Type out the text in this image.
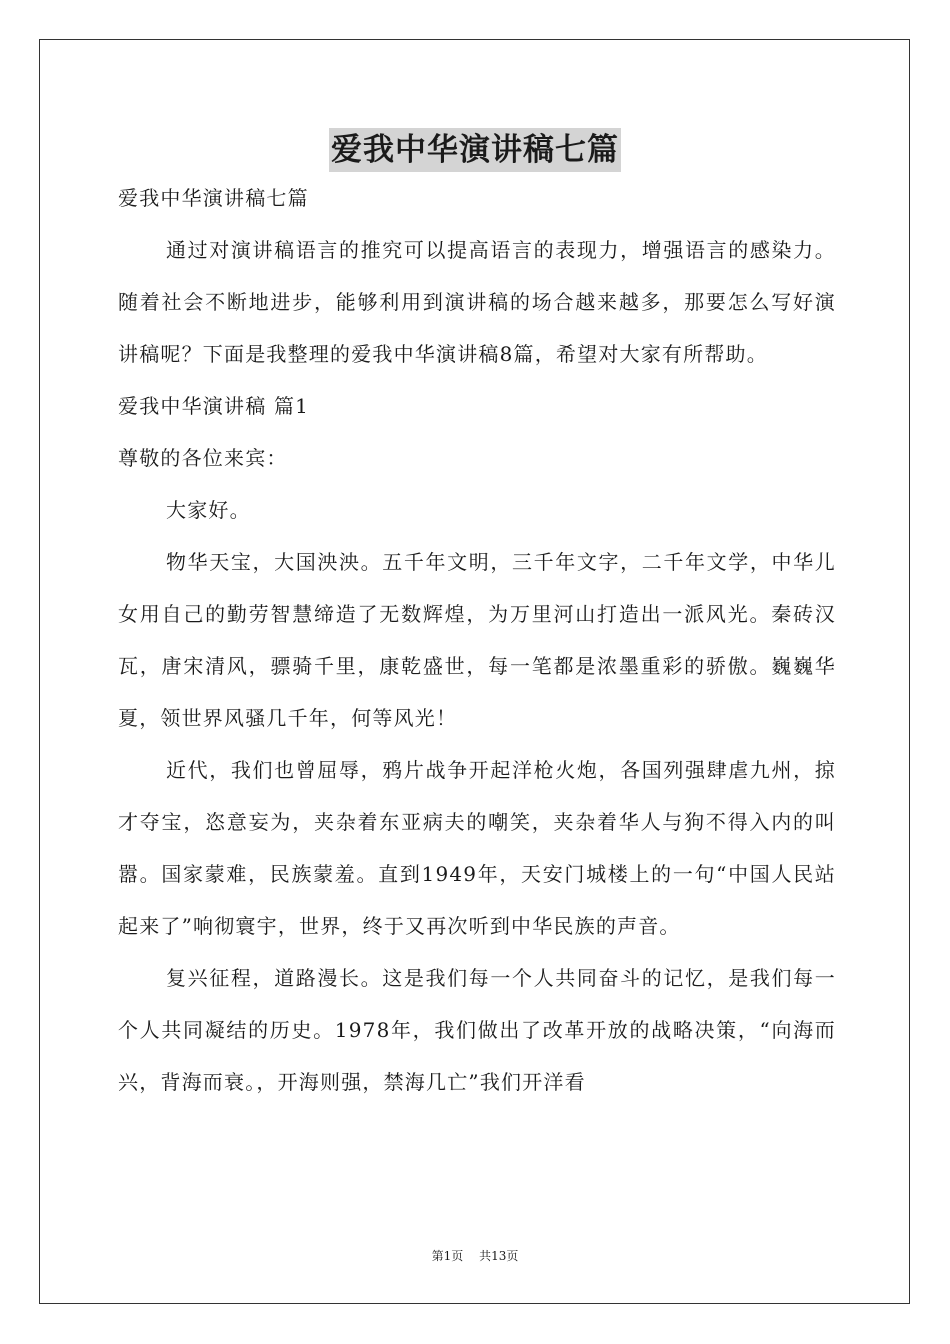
爱我中华演讲稿七篇

爱我中华演讲稿七篇

通过对演讲稿语言的推究可以提高语言的表现力，增强语言的感染力。随着社会不断地进步，能够利用到演讲稿的场合越来越多，那要怎么写好演讲稿呢？下面是我整理的爱我中华演讲稿8篇，希望对大家有所帮助。

爱我中华演讲稿 篇1

尊敬的各位来宾：

大家好。

物华天宝，大国泱泱。五千年文明，三千年文字，二千年文学，中华儿女用自己的勤劳智慧缔造了无数辉煌，为万里河山打造出一派风光。秦砖汉瓦，唐宋清风，骠骑千里，康乾盛世，每一笔都是浓墨重彩的骄傲。巍巍华夏，领世界风骚几千年，何等风光！

近代，我们也曾屈辱，鸦片战争开起洋枪火炮，各国列强肆虐九州，掠才夺宝，恣意妄为，夹杂着东亚病夫的嘲笑，夹杂着华人与狗不得入内的叫嚣。国家蒙难，民族蒙羞。直到1949年，天安门城楼上的一句“中国人民站起来了”响彻寰宇，世界，终于又再次听到中华民族的声音。

复兴征程，道路漫长。这是我们每一个人共同奋斗的记忆，是我们每一个人共同凝结的历史。1978年，我们做出了改革开放的战略决策，“向海而兴，背海而衰。，开海则强，禁海几亡”我们开洋看

第1页 共13页
